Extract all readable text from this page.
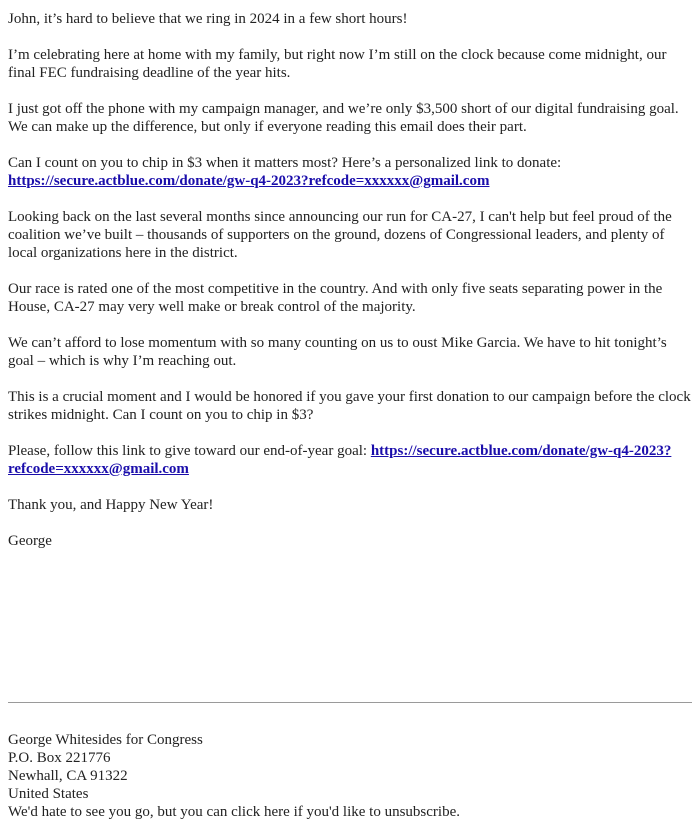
John, it’s hard to believe that we ring in 2024 in a few short hours!

I’m celebrating here at home with my family, but right now I’m still on the clock because come midnight, our final FEC fundraising deadline of the year hits.

I just got off the phone with my campaign manager, and we’re only $3,500 short of our digital fundraising goal. We can make up the difference, but only if everyone reading this email does their part.

Can I count on you to chip in $3 when it matters most? Here’s a personalized link to donate: https://secure.actblue.com/donate/gw-q4-2023?refcode=xxxxxx@gmail.com

Looking back on the last several months since announcing our run for CA-27, I can't help but feel proud of the coalition we’ve built – thousands of supporters on the ground, dozens of Congressional leaders, and plenty of local organizations here in the district.

Our race is rated one of the most competitive in the country. And with only five seats separating power in the House, CA-27 may very well make or break control of the majority.

We can’t afford to lose momentum with so many counting on us to oust Mike Garcia. We have to hit tonight’s goal – which is why I’m reaching out.

This is a crucial moment and I would be honored if you gave your first donation to our campaign before the clock strikes midnight. Can I count on you to chip in $3?

Please, follow this link to give toward our end-of-year goal: https://secure.actblue.com/donate/gw-q4-2023?refcode=xxxxxx@gmail.com

Thank you, and Happy New Year!

George

George Whitesides for Congress
P.O. Box 221776
Newhall, CA 91322
United States
We'd hate to see you go, but you can click here if you'd like to unsubscribe.
